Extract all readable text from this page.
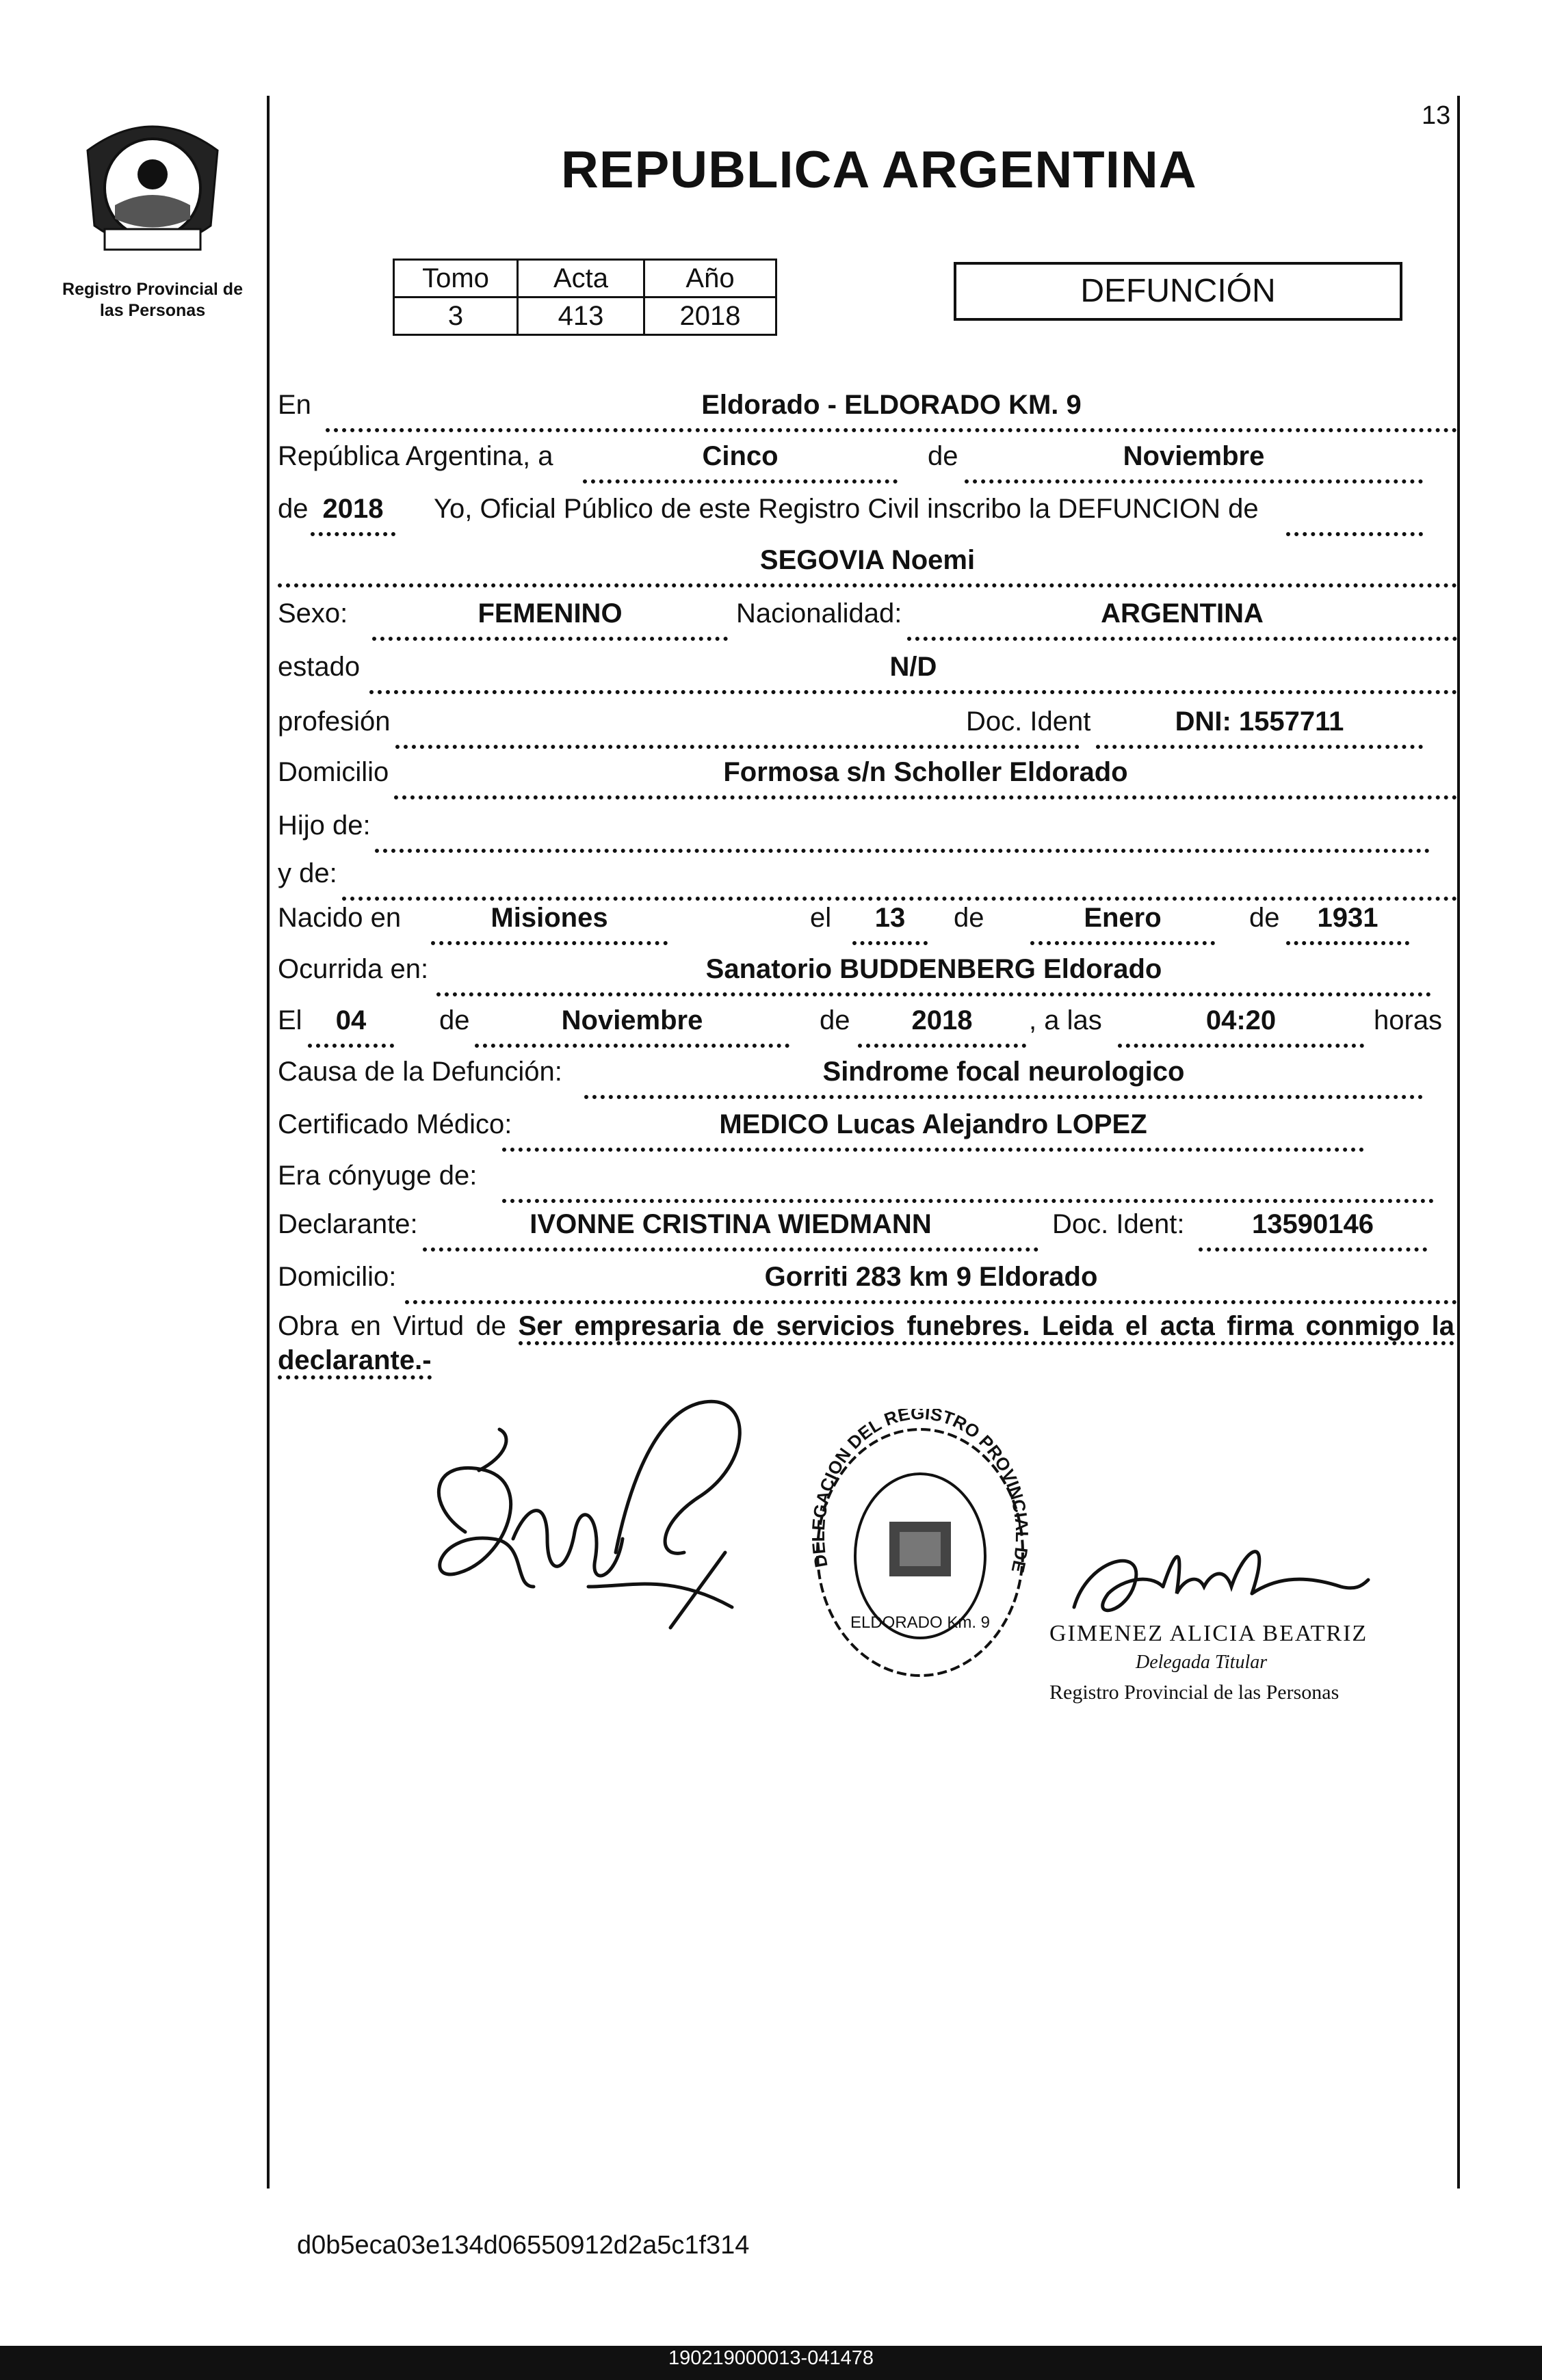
Registro Provincial de
las Personas
REPUBLICA ARGENTINA
13
Tomo	Acta	Año
3	413	2018
DEFUNCIÓN
En	Eldorado - ELDORADO KM. 9
República Argentina, a	Cinco	de	Noviembre
de 2018	Yo, Oficial Público de este Registro Civil inscribo la DEFUNCION de
SEGOVIA Noemi
Sexo:	FEMENINO	Nacionalidad:	ARGENTINA
estado	N/D
profesión	Doc. Ident	DNI: 1557711
Domicilio	Formosa s/n Scholler Eldorado
Hijo de:
y de:
Nacido en	Misiones	el	13	de	Enero	de	1931
Ocurrida en:	Sanatorio BUDDENBERG Eldorado
El	04	de	Noviembre	de	2018	, a las	04:20	horas
Causa de la Defunción:	Sindrome focal neurologico
Certificado Médico:	MEDICO Lucas Alejandro LOPEZ
Era cónyuge de:
Declarante:	IVONNE CRISTINA WIEDMANN	Doc. Ident:	13590146
Domicilio:	Gorriti 283 km 9 Eldorado
Obra en Virtud de Ser empresaria de servicios funebres. Leida el acta firma conmigo la declarante.-
DELEGACION DEL REGISTRO PROVINCIAL DE
ELDORADO Km. 9	GIMENEZ ALICIA BEATRIZ
Delegada Titular
Registro Provincial de las Personas
d0b5eca03e134d06550912d2a5c1f314
190219000013-041478
